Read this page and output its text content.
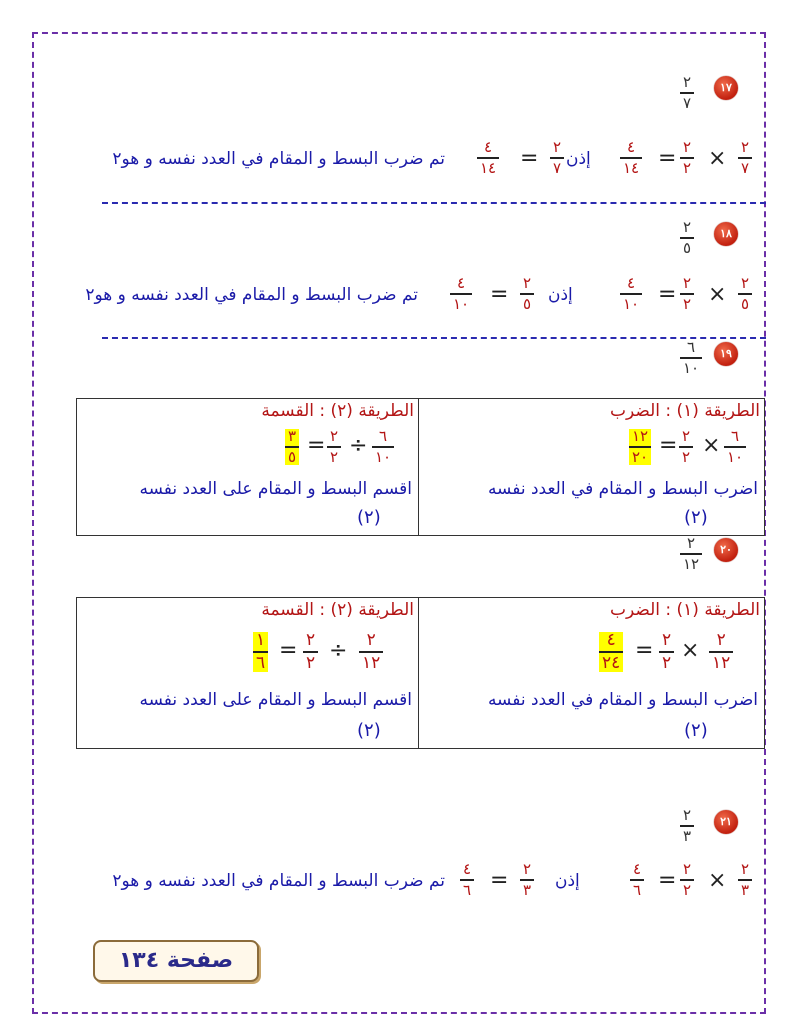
١٧
٢
٧
٢
٧
×
٢
٢
=
٤
١٤
إذن
٢
٧
=
٤
١٤
تم ضرب البسط و المقام في العدد نفسه و هو٢
١٨
٢
٥
٢
٥
×
٢
٢
=
٤
١٠
إذن
٢
٥
=
٤
١٠
تم ضرب البسط و المقام في العدد نفسه و هو٢
١٩
٦
١٠
الطريقة (١) : الضرب
٦
١٠
×
٢
٢
=
١٢
٢٠
اضرب البسط و المقام في العدد نفسه
(٢)
الطريقة (٢) : القسمة
٦
١٠
÷
٢
٢
=
٣
٥
اقسم البسط و المقام على العدد نفسه
(٢)
٢٠
٢
١٢
الطريقة (١) : الضرب
٢
١٢
×
٢
٢
=
٤
٢٤
اضرب البسط و المقام في العدد نفسه
(٢)
الطريقة (٢) : القسمة
٢
١٢
÷
٢
٢
=
١
٦
اقسم البسط و المقام على العدد نفسه
(٢)
٢١
٢
٣
٢
٣
×
٢
٢
=
٤
٦
إذن
٢
٣
=
٤
٦
تم ضرب البسط و المقام في العدد نفسه و هو٢
صفحة ١٣٤
